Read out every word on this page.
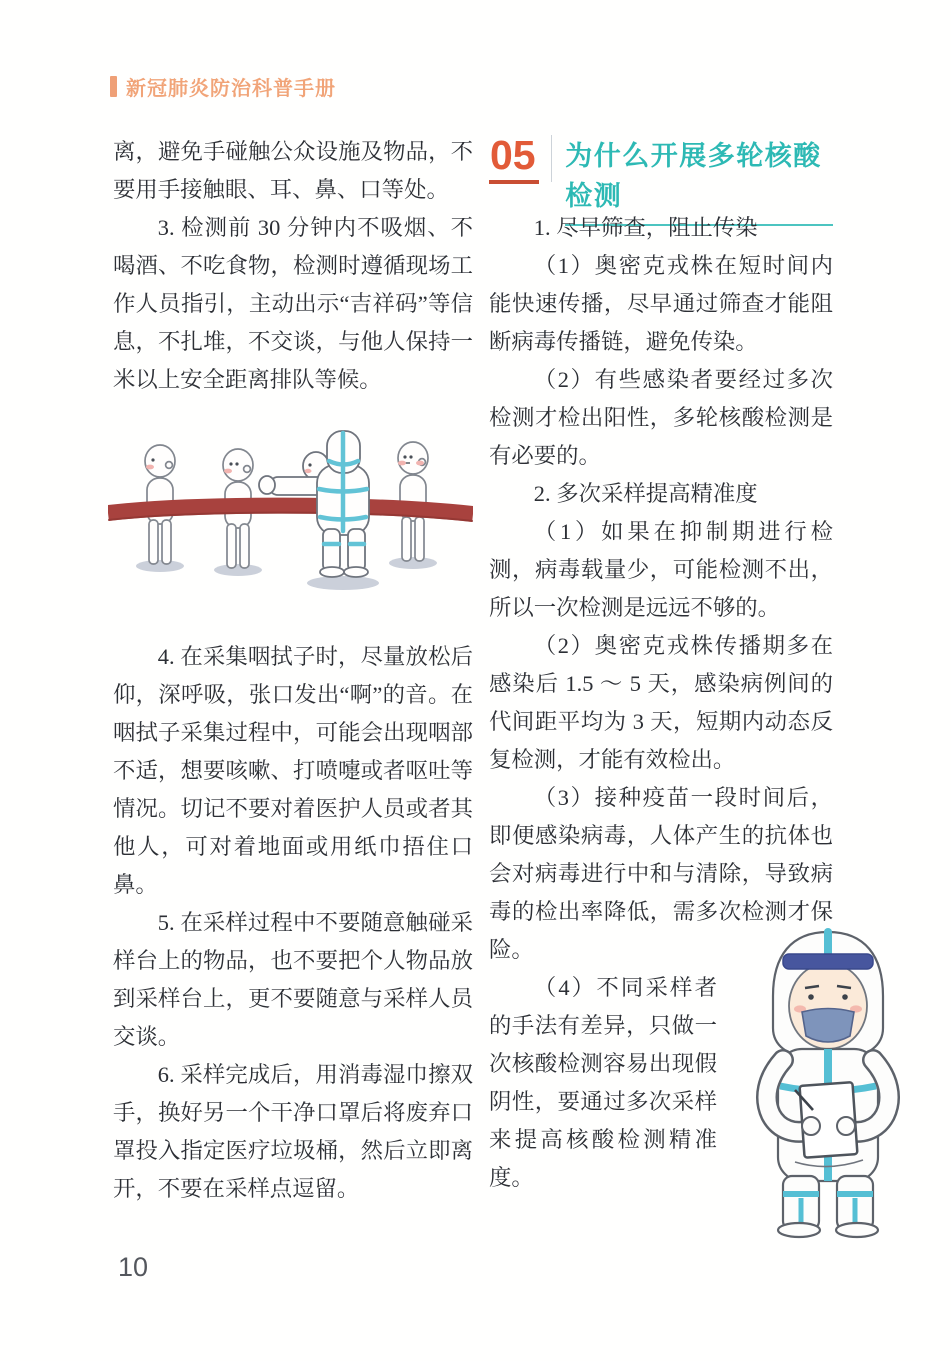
新冠肺炎防治科普手册

离，避免手碰触公众设施及物品，不要用手接触眼、耳、鼻、口等处。

3. 检测前 30 分钟内不吸烟、不喝酒、不吃食物，检测时遵循现场工作人员指引，主动出示“吉祥码”等信息，不扎堆，不交谈，与他人保持一米以上安全距离排队等候。

4. 在采集咽拭子时，尽量放松后仰，深呼吸，张口发出“啊”的音。在咽拭子采集过程中，可能会出现咽部不适，想要咳嗽、打喷嚏或者呕吐等情况。切记不要对着医护人员或者其他人，可对着地面或用纸巾捂住口鼻。

5. 在采样过程中不要随意触碰采样台上的物品，也不要把个人物品放到采样台上，更不要随意与采样人员交谈。

6. 采样完成后，用消毒湿巾擦双手，换好另一个干净口罩后将废弃口罩投入指定医疗垃圾桶，然后立即离开，不要在采样点逗留。

05 为什么开展多轮核酸检测

1. 尽早筛查，阻止传染

（1）奥密克戎株在短时间内能快速传播，尽早通过筛查才能阻断病毒传播链，避免传染。

（2）有些感染者要经过多次检测才检出阳性，多轮核酸检测是有必要的。

2. 多次采样提高精准度

（1）如果在抑制期进行检测，病毒载量少，可能检测不出，所以一次检测是远远不够的。

（2）奥密克戎株传播期多在感染后 1.5 ～ 5 天，感染病例间的代间距平均为 3 天，短期内动态反复检测，才能有效检出。

（3）接种疫苗一段时间后，即便感染病毒，人体产生的抗体也会对病毒进行中和与清除，导致病毒的检出率降低，需多次检测才保险。

（4）不同采样者的手法有差异，只做一次核酸检测容易出现假阴性，要通过多次采样来提高核酸检测精准度。

10
